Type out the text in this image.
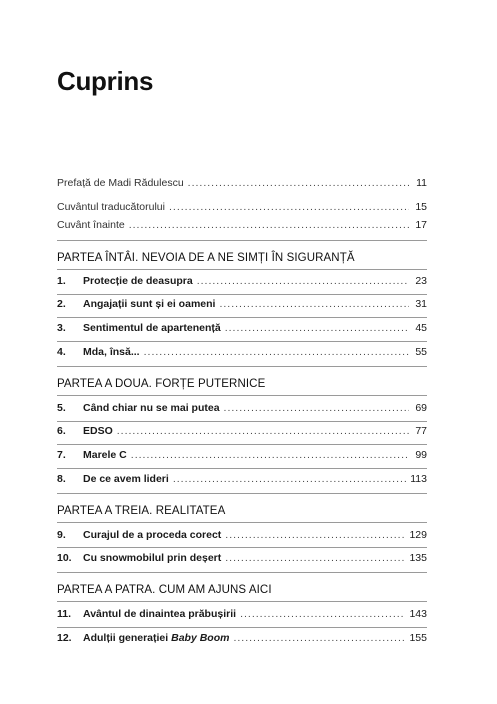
Cuprins
Prefață de Madi Rădulescu .....	11
Cuvântul traducătorului .....	15
Cuvânt înainte .....	17
PARTEA ÎNTÂI. NEVOIA DE A NE SIMȚI ÎN SIGURANȚĂ
1.	Protecție de deasupra .....	23
2.	Angajații sunt și ei oameni .....	31
3.	Sentimentul de apartenență .....	45
4.	Mda, însă... .....	55
PARTEA A DOUA. FORȚE PUTERNICE
5.	Când chiar nu se mai putea .....	69
6.	EDSO .....	77
7.	Marele C .....	99
8.	De ce avem lideri .....	113
PARTEA A TREIA. REALITATEA
9.	Curajul de a proceda corect .....	129
10.	Cu snowmobilul prin deșert .....	135
PARTEA A PATRA. CUM AM AJUNS AICI
11.	Avântul de dinaintea prăbușirii .....	143
12.	Adulții generației Baby Boom .....	155
